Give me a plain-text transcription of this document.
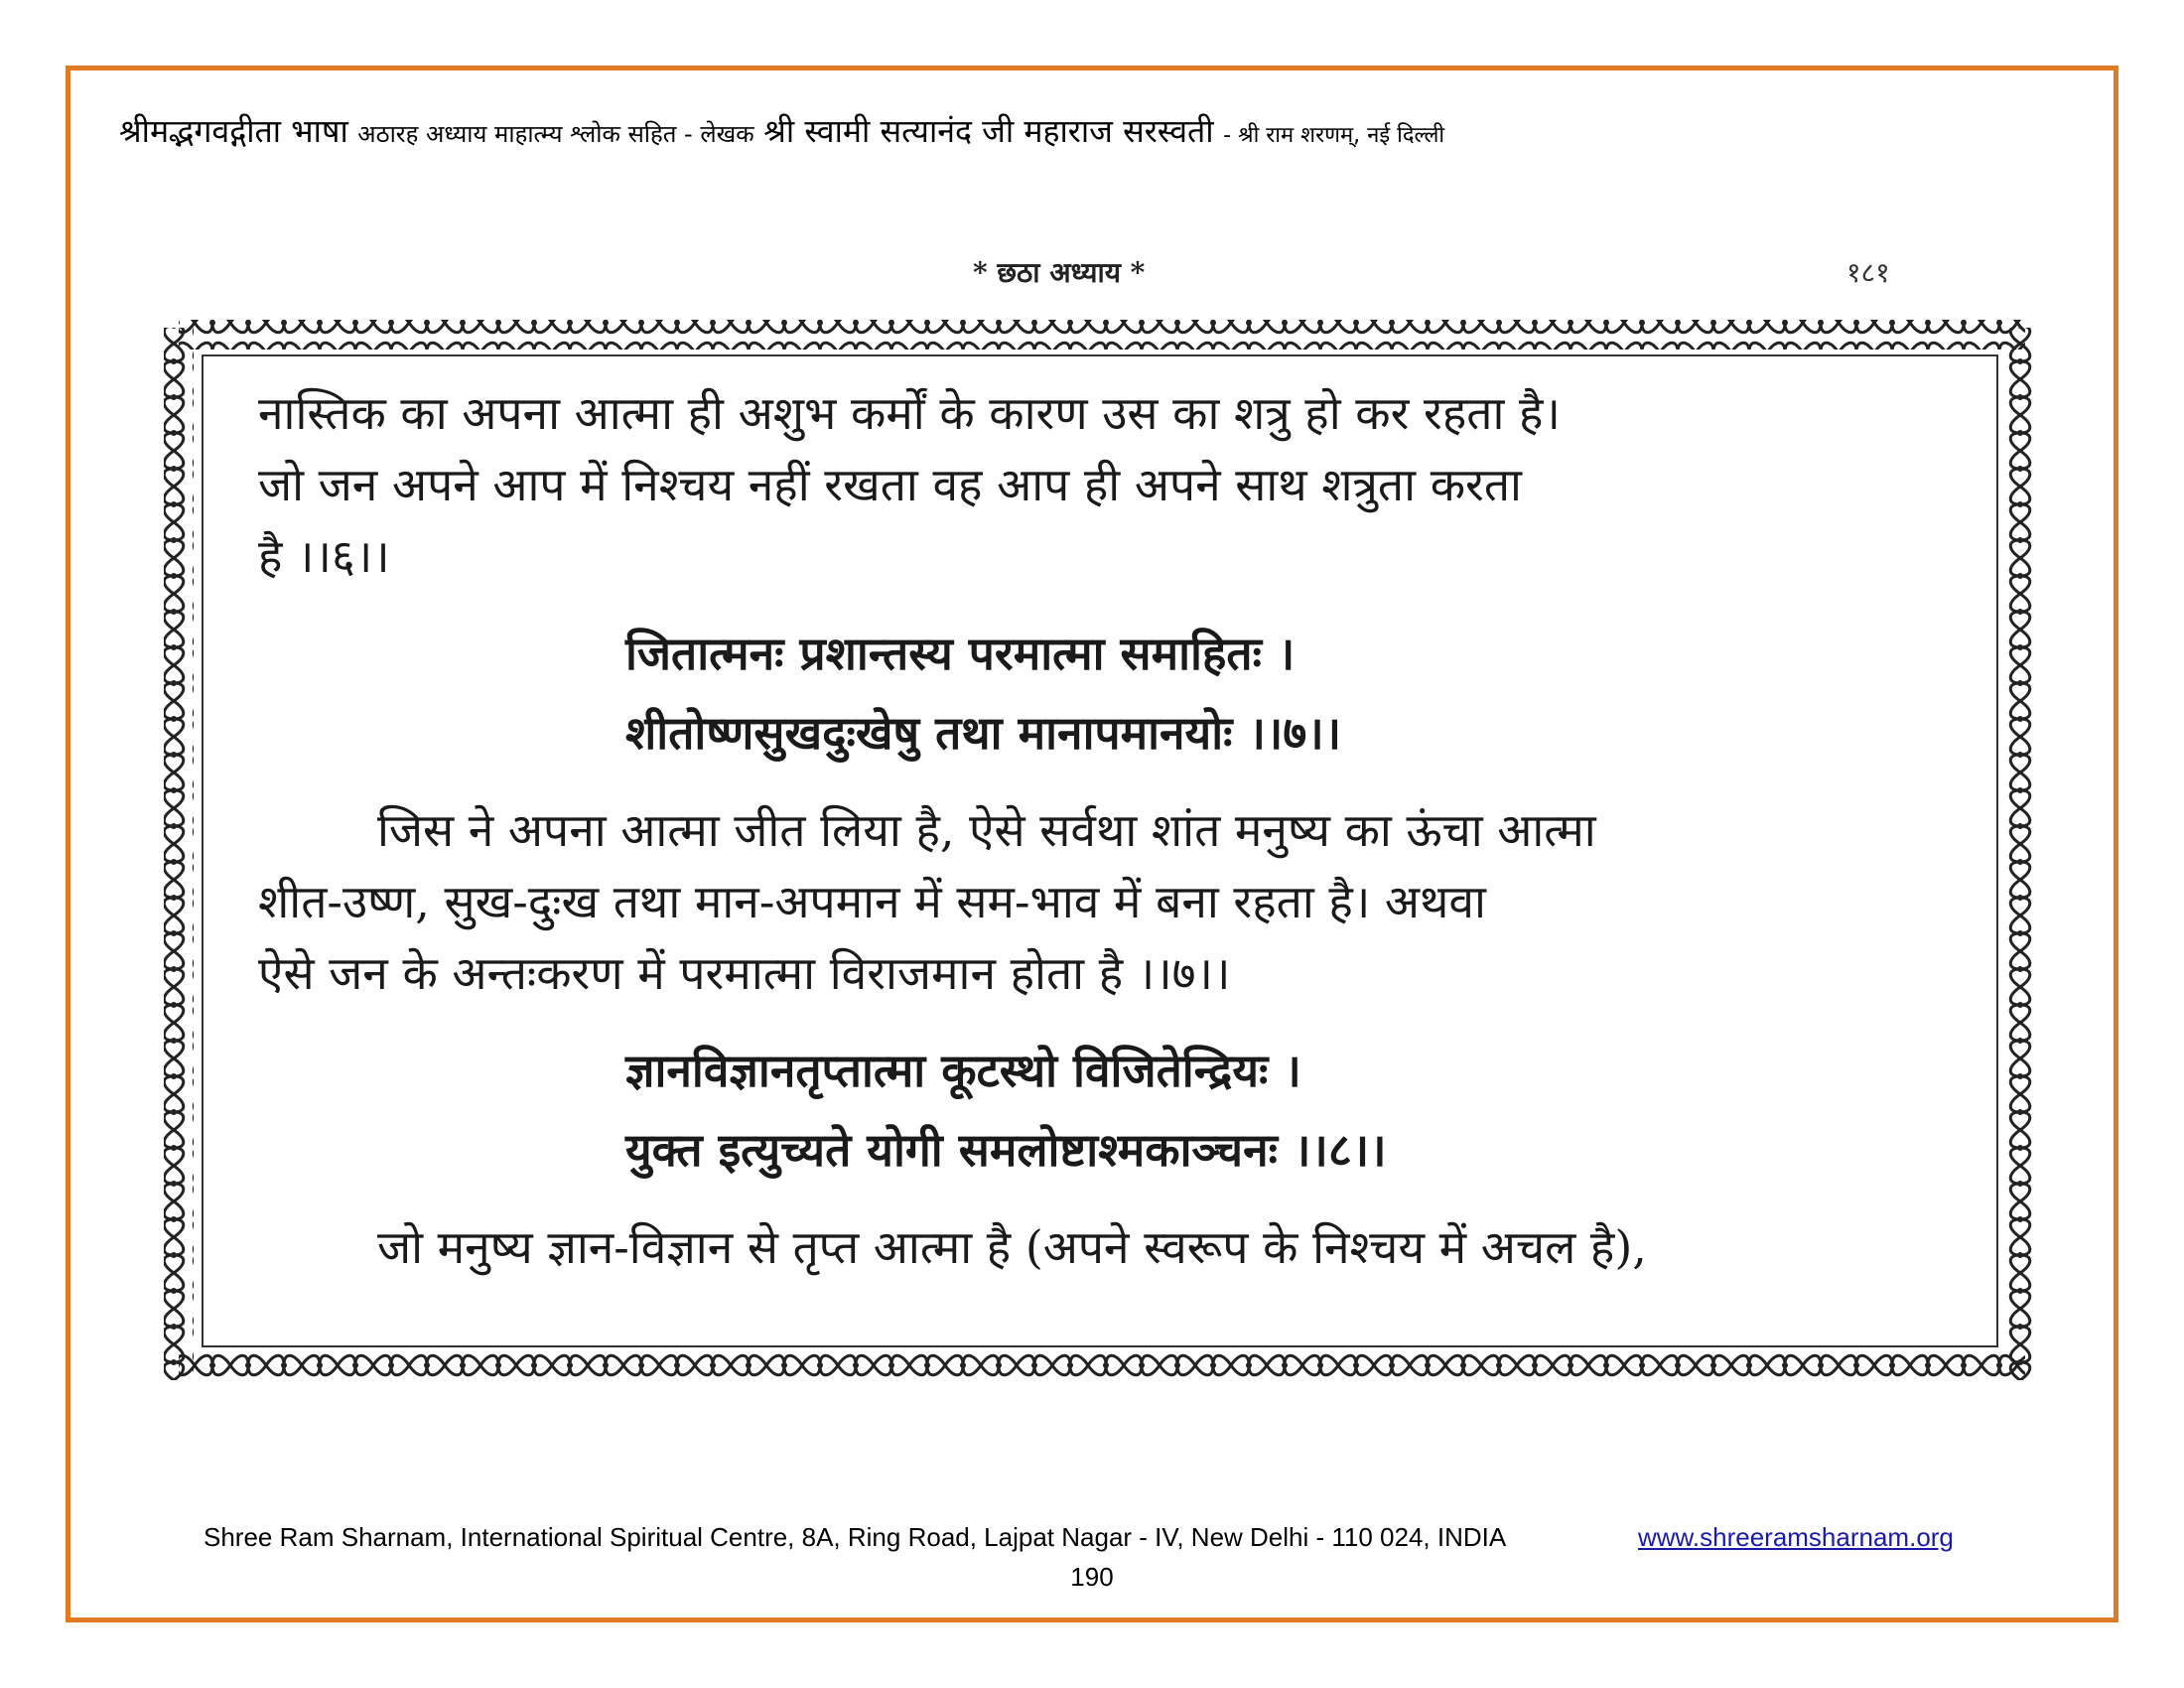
श्रीमद्भगवद्गीता भाषा अठारह अध्याय माहात्म्य श्लोक सहित - लेखक श्री स्वामी सत्यानंद जी महाराज सरस्वती - श्री राम शरणम्, नई दिल्ली
* छठा अध्याय *	१८१

नास्तिक का अपना आत्मा ही अशुभ कर्मों के कारण उस का शत्रु हो कर रहता है।

जो जन अपने आप में निश्चय नहीं रखता वह आप ही अपने साथ शत्रुता करता

है ।।६।।

जितात्मनः प्रशान्तस्य परमात्मा समाहितः ।

शीतोष्णसुखदुःखेषु तथा मानापमानयोः ।।७।।

जिस ने अपना आत्मा जीत लिया है, ऐसे सर्वथा शांत मनुष्य का ऊंचा आत्मा

शीत-उष्ण, सुख-दुःख तथा मान-अपमान में सम-भाव में बना रहता है। अथवा

ऐसे जन के अन्तःकरण में परमात्मा विराजमान होता है ।।७।।

ज्ञानविज्ञानतृप्तात्मा कूटस्थो विजितेन्द्रियः ।

युक्त इत्युच्यते योगी समलोष्टाश्मकाञ्चनः ।।८।।

जो मनुष्य ज्ञान-विज्ञान से तृप्त आत्मा है (अपने स्वरूप के निश्चय में अचल है),

Shree Ram Sharnam, International Spiritual Centre, 8A, Ring Road, Lajpat Nagar - IV, New Delhi - 110 024, INDIA	www.shreeramsharnam.org
190
